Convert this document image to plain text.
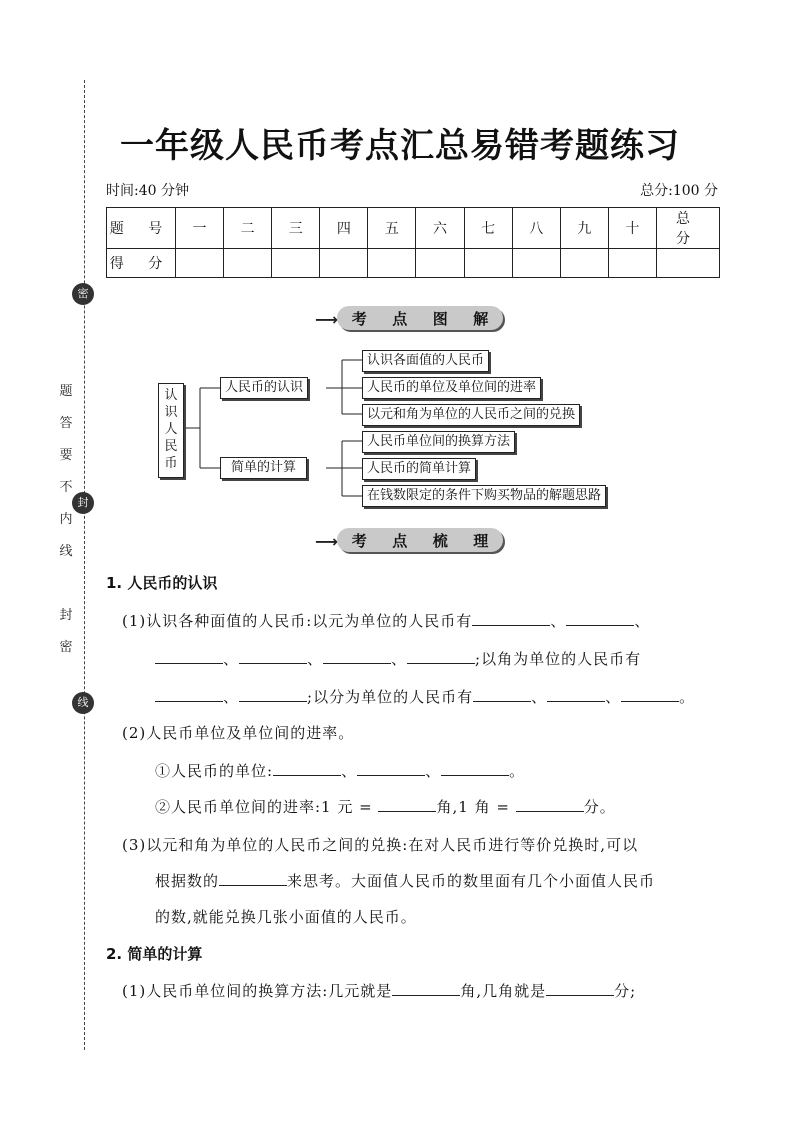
密
封
线
题
答
要
不
内
线
封
密
一年级人民币考点汇总易错考题练习
时间:40 分钟	总分:100 分
题 号	一	二	三	四	五	六	七	八	九	十	总 分
得 分											
⟶ 考 点 图 解
认
识
人
民
币
人民币的认识
简单的计算
认识各面值的人民币
人民币的单位及单位间的进率
以元和角为单位的人民币之间的兑换
人民币单位间的换算方法
人民币的简单计算
在钱数限定的条件下购买物品的解题思路
⟶ 考 点 梳 理
1. 人民币的认识
(1)认识各种面值的人民币:以元为单位的人民币有	、	、
、	、	、	;以角为单位的人民币有
、	;以分为单位的人民币有	、	、	。
(2)人民币单位及单位间的进率。
①人民币的单位:	、	、	。
②人民币单位间的进率:1 元 =	角,1 角 =	分。
(3)以元和角为单位的人民币之间的兑换:在对人民币进行等价兑换时,可以
根据数的	来思考。大面值人民币的数里面有几个小面值人民币
的数,就能兑换几张小面值的人民币。
2. 简单的计算
(1)人民币单位间的换算方法:几元就是	角,几角就是	分;
